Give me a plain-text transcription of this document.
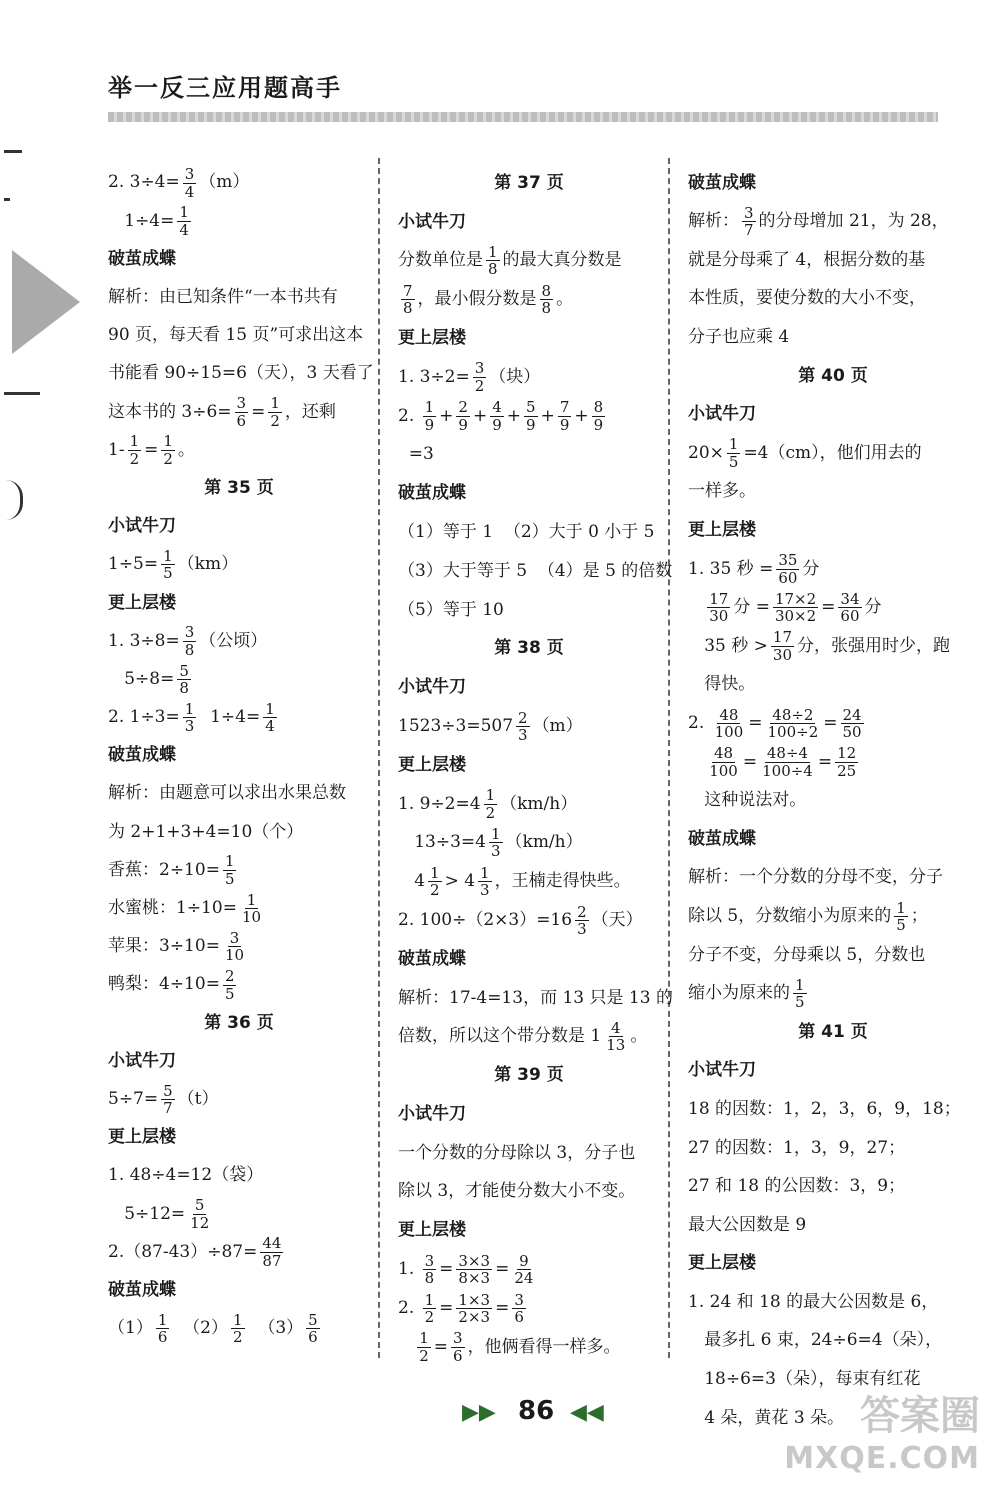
举一反三应用题高手
2. $3\div 4= \frac{3}{4} (m)$
$1\div 4= \frac{1}{4}$
破茧成蝶
解析：由已知条件“一本书共有
90 页，每天看 15 页”可求出这本
书能看 90÷15=6（天），3 天看了
这本书的 $3\div 6= \frac{3}{6} = \frac{1}{2}$ ，还剩
$1- \frac{1}{2} = \frac{1}{2}$ 。
第 35 页
小试牛刀
$1\div 5= \frac{1}{5} (km)$
更上层楼
1. $3\div 8= \frac{3}{8}$ （公顷）
$5\div 8= \frac{5}{8}$
2. $1\div 3= \frac{1}{3} 1\div 4= \frac{1}{4}$
破茧成蝶
解析：由题意可以求出水果总数
为 2+1+3+4=10（个）
香蕉：$2\div 10= \frac{1}{5}$
水蜜桃：$1\div 10= \frac{1}{10}$
苹果：$3\div 10= \frac{3}{10}$
鸭梨：$4\div 10= \frac{2}{5}$
第 36 页
小试牛刀
$5\div 7= \frac{5}{7} (t)$
更上层楼
1. 48÷4=12（袋）
$5\div 12= \frac{5}{12}$
$2.(87-43)\div 87= \frac{44}{87}$
破茧成蝶
$(1) \frac{1}{6} (2) \frac{1}{2} (3) \frac{5}{6}$
第 37 页
小试牛刀
分数单位是 $\frac{1}{8}$ 的最大真分数是
$\frac{7}{8}$ ，最小假分数是 $\frac{8}{8}$ 。
更上层楼
1. $3\div 2= \frac{3}{2}$ （块）
2. $\frac{1}{9} + \frac{2}{9} + \frac{4}{9} + \frac{5}{9} + \frac{7}{9} + \frac{8}{9}$
=3
破茧成蝶
（1）等于 1  （2）大于 0 小于 5
（3）大于等于 5  （4）是 5 的倍数
（5）等于 10
第 38 页
小试牛刀
$1523\div 3=507 \frac{2}{3} (m)$
更上层楼
1. $9\div 2=4 \frac{1}{2} (km/h)$
$13\div 3=4 \frac{1}{3} (km/h)$
$4 \frac{1}{2} > 4 \frac{1}{3}$ ，王楠走得快些。
2. $100\div(2\times 3)=16 \frac{2}{3}$ （天）
破茧成蝶
解析：17-4=13，而 13 只是 13 的
倍数，所以这个带分数是 $1 \frac{4}{13}$ 。
第 39 页
小试牛刀
一个分数的分母除以 3，分子也
除以 3，才能使分数大小不变。
更上层楼
1. $\frac{3}{8} = \frac{3\times 3}{8\times 3} = \frac{9}{24}$
2. $\frac{1}{2} = \frac{1\times 3}{2\times 3} = \frac{3}{6}$

$\frac{1}{2} = \frac{3}{6}$ ，他俩看得一样多。
破茧成蝶
解析： $\frac{3}{7}$ 的分母增加 21，为 28，
就是分母乘了 4，根据分数的基
本性质，要使分数的大小不变，
分子也应乘 4
第 40 页
小试牛刀
$20\times \frac{1}{5} =4(cm)$，他们用去的
一样多。
更上层楼
1. 35 秒 = $\frac{35}{60}$ 分

$\frac{17}{30}$ 分 = $\frac{17\times 2}{30\times 2} = \frac{34}{60}$ 分
35 秒 > $\frac{17}{30}$ 分，张强用时少，跑
得快。
2. $\frac{48}{100} = \frac{48\div 2}{100\div 2} = \frac{24}{50}$

$\frac{48}{100} = \frac{48\div 4}{100\div 4} = \frac{12}{25}$
这种说法对。
破茧成蝶
解析：一个分数的分母不变，分子
除以 5，分数缩小为原来的 $\frac{1}{5}$ ；
分子不变，分母乘以 5，分数也
缩小为原来的 $\frac{1}{5}$
第 41 页
小试牛刀
18 的因数：1，2，3，6，9，18；
27 的因数：1，3，9，27；
27 和 18 的公因数：3，9；
最大公因数是 9
更上层楼
1. 24 和 18 的最大公因数是 6，
最多扎 6 束，24÷6=4（朵），
18÷6=3（朵），每束有红花
4 朵，黄花 3 朵。
▶▶ 86 ◀◀	答案圈
MXQE.COM
